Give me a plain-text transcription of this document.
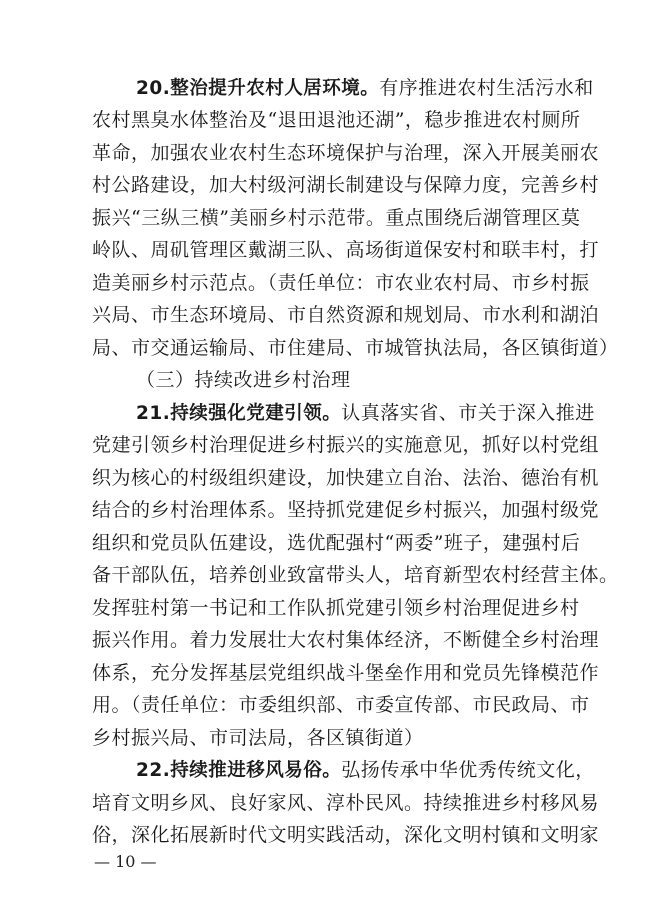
20.整治提升农村人居环境。有序推进农村生活污水和
农村黑臭水体整治及“退田退池还湖”，稳步推进农村厕所
革命，加强农业农村生态环境保护与治理，深入开展美丽农
村公路建设，加大村级河湖长制建设与保障力度，完善乡村
振兴“三纵三横”美丽乡村示范带。重点围绕后湖管理区莫
岭队、周矶管理区戴湖三队、高场街道保安村和联丰村，打
造美丽乡村示范点。（责任单位：市农业农村局、市乡村振
兴局、市生态环境局、市自然资源和规划局、市水利和湖泊
局、市交通运输局、市住建局、市城管执法局，各区镇街道）
（三）持续改进乡村治理
21.持续强化党建引领。认真落实省、市关于深入推进
党建引领乡村治理促进乡村振兴的实施意见，抓好以村党组
织为核心的村级组织建设，加快建立自治、法治、德治有机
结合的乡村治理体系。坚持抓党建促乡村振兴，加强村级党
组织和党员队伍建设，选优配强村“两委”班子，建强村后
备干部队伍，培养创业致富带头人，培育新型农村经营主体。
发挥驻村第一书记和工作队抓党建引领乡村治理促进乡村
振兴作用。着力发展壮大农村集体经济，不断健全乡村治理
体系，充分发挥基层党组织战斗堡垒作用和党员先锋模范作
用。（责任单位：市委组织部、市委宣传部、市民政局、市
乡村振兴局、市司法局，各区镇街道）
22.持续推进移风易俗。弘扬传承中华优秀传统文化，
— 10 —
培育文明乡风、良好家风、淳朴民风。持续推进乡村移风易
俗，深化拓展新时代文明实践活动，深化文明村镇和文明家
